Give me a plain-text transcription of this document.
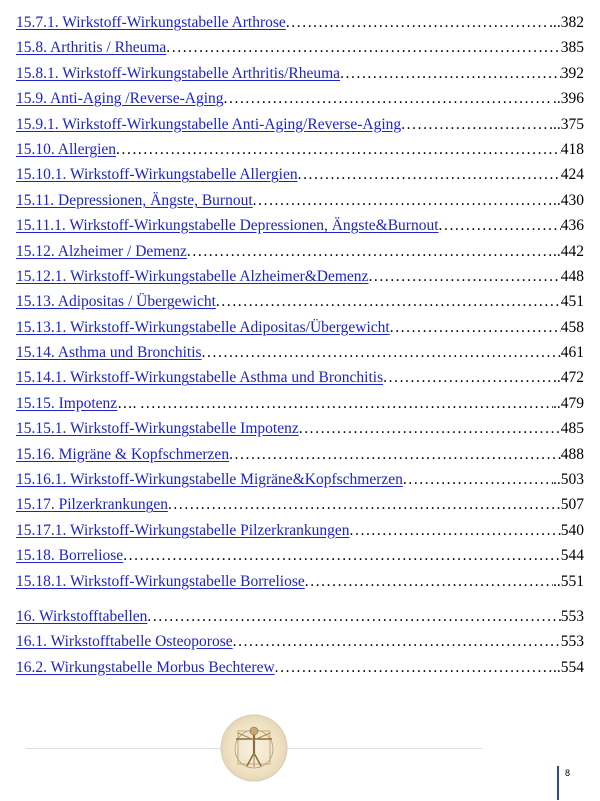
15.7.1. Wirkstoff-Wirkungstabelle Arthrose .....	...382
15.8. Arthritis / Rheuma .....	385
15.8.1. Wirkstoff-Wirkungstabelle Arthritis/Rheuma .....	392
15.9. Anti-Aging /Reverse-Aging .....	..396
15.9.1. Wirkstoff-Wirkungstabelle Anti-Aging/Reverse-Aging .....	...375
15.10. Allergien .....	418
15.10.1. Wirkstoff-Wirkungstabelle Allergien .....	424
15.11. Depressionen, Ängste, Burnout .....	..430
15.11.1. Wirkstoff-Wirkungstabelle Depressionen, Ängste&Burnout .....	436
15.12. Alzheimer / Demenz .....	..442
15.12.1. Wirkstoff-Wirkungstabelle Alzheimer&Demenz .....	448
15.13. Adipositas / Übergewicht .....	451
15.13.1. Wirkstoff-Wirkungstabelle Adipositas/Übergewicht .....	458
15.14. Asthma und Bronchitis .....	461
15.14.1. Wirkstoff-Wirkungstabelle Asthma und Bronchitis .....	..472
15.15. Impotenz …. .....	..479
15.15.1. Wirkstoff-Wirkungstabelle Impotenz .....	485
15.16. Migräne & Kopfschmerzen .....	488
15.16.1. Wirkstoff-Wirkungstabelle Migräne&Kopfschmerzen .....	..503
15.17. Pilzerkrankungen .....	507
15.17.1. Wirkstoff-Wirkungstabelle Pilzerkrankungen .....	540
15.18. Borreliose .....	544
15.18.1. Wirkstoff-Wirkungstabelle Borreliose .....	..551
16. Wirkstofftabellen .....	553
16.1. Wirkstofftabelle Osteoporose .....	553
16.2. Wirkungstabelle Morbus Bechterew .....	..554
8
